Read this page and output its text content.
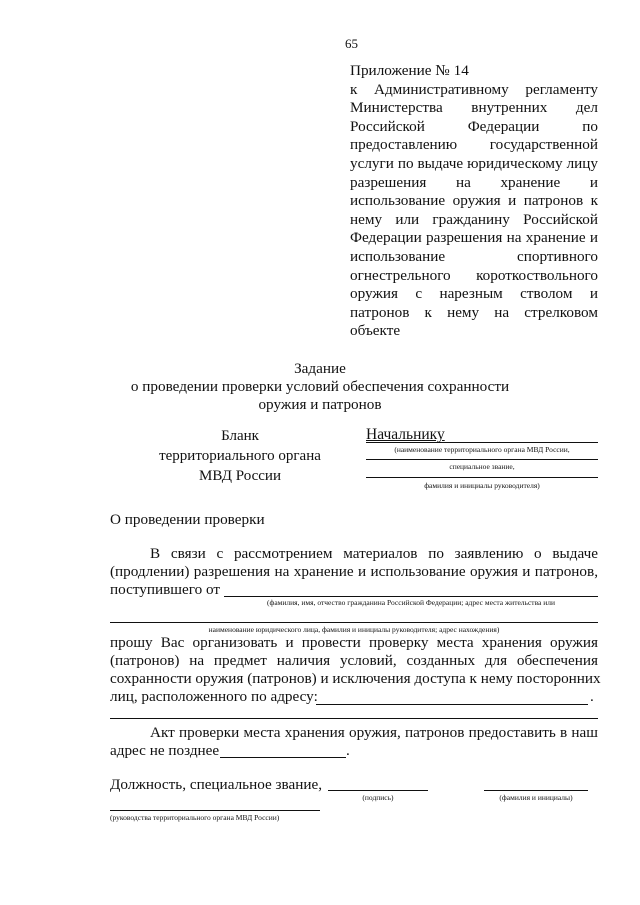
65
Приложение № 14
к Административному регламенту
Министерства внутренних дел
Российской	Федерации	по
предоставлению государственной
услуги по выдаче юридическому лицу
разрешения на хранение и
использование оружия и патронов к
нему или гражданину Российской
Федерации разрешения на хранение и
использование	спортивного
огнестрельного короткоствольного
оружия с нарезным стволом и
патронов к нему на стрелковом
объекте
Задание
о проведении проверки условий обеспечения сохранности
оружия и патронов
Бланк
территориального органа
МВД России
Начальнику
(наименование территориального органа МВД России,
специальное звание,
фамилия и инициалы руководителя)
О проведении проверки
В связи с рассмотрением материалов по заявлению о выдаче
(продлении) разрешения на хранение и использование оружия и патронов,
поступившего от
(фамилия, имя, отчество гражданина Российской Федерации; адрес места жительства или
наименование юридического лица, фамилия и инициалы руководителя; адрес нахождения)
прошу Вас организовать и провести проверку места хранения оружия
(патронов) на предмет наличия условий, созданных для обеспечения
сохранности оружия (патронов) и исключения доступа к нему посторонних
лиц, расположенного по адресу:	.
Акт проверки места хранения оружия, патронов предоставить в наш
адрес не позднее	.
Должность, специальное звание,
(подпись)	(фамилия и инициалы)
(руководства территориального органа МВД России)
